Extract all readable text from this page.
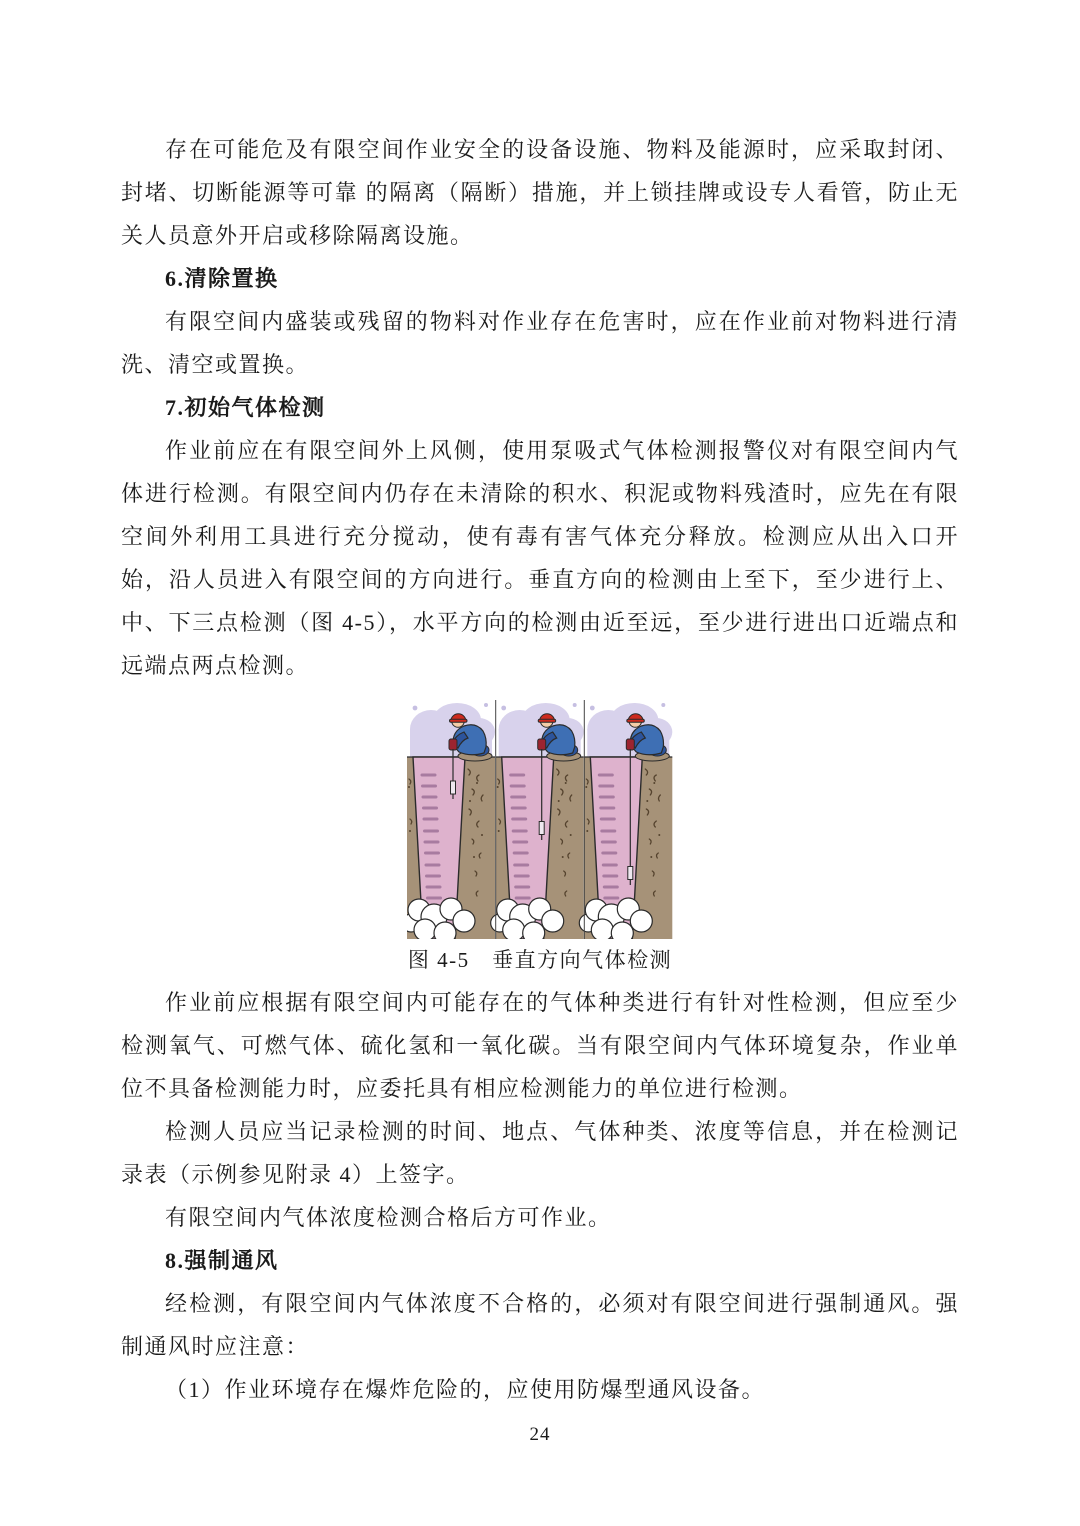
存在可能危及有限空间作业安全的设备设施、物料及能源时，应采取封闭、封堵、切断能源等可靠 的隔离（隔断）措施，并上锁挂牌或设专人看管，防止无关人员意外开启或移除隔离设施。

6.清除置换

有限空间内盛装或残留的物料对作业存在危害时，应在作业前对物料进行清洗、清空或置换。

7.初始气体检测

作业前应在有限空间外上风侧，使用泵吸式气体检测报警仪对有限空间内气体进行检测。有限空间内仍存在未清除的积水、积泥或物料残渣时，应先在有限空间外利用工具进行充分搅动，使有毒有害气体充分释放。检测应从出入口开始，沿人员进入有限空间的方向进行。垂直方向的检测由上至下，至少进行上、中、下三点检测（图 4-5），水平方向的检测由近至远，至少进行进出口近端点和远端点两点检测。

图 4-5　垂直方向气体检测

作业前应根据有限空间内可能存在的气体种类进行有针对性检测，但应至少检测氧气、可燃气体、硫化氢和一氧化碳。当有限空间内气体环境复杂，作业单位不具备检测能力时，应委托具有相应检测能力的单位进行检测。

检测人员应当记录检测的时间、地点、气体种类、浓度等信息，并在检测记录表（示例参见附录 4）上签字。

有限空间内气体浓度检测合格后方可作业。

8.强制通风

经检测，有限空间内气体浓度不合格的，必须对有限空间进行强制通风。强制通风时应注意：

（1）作业环境存在爆炸危险的，应使用防爆型通风设备。

24
